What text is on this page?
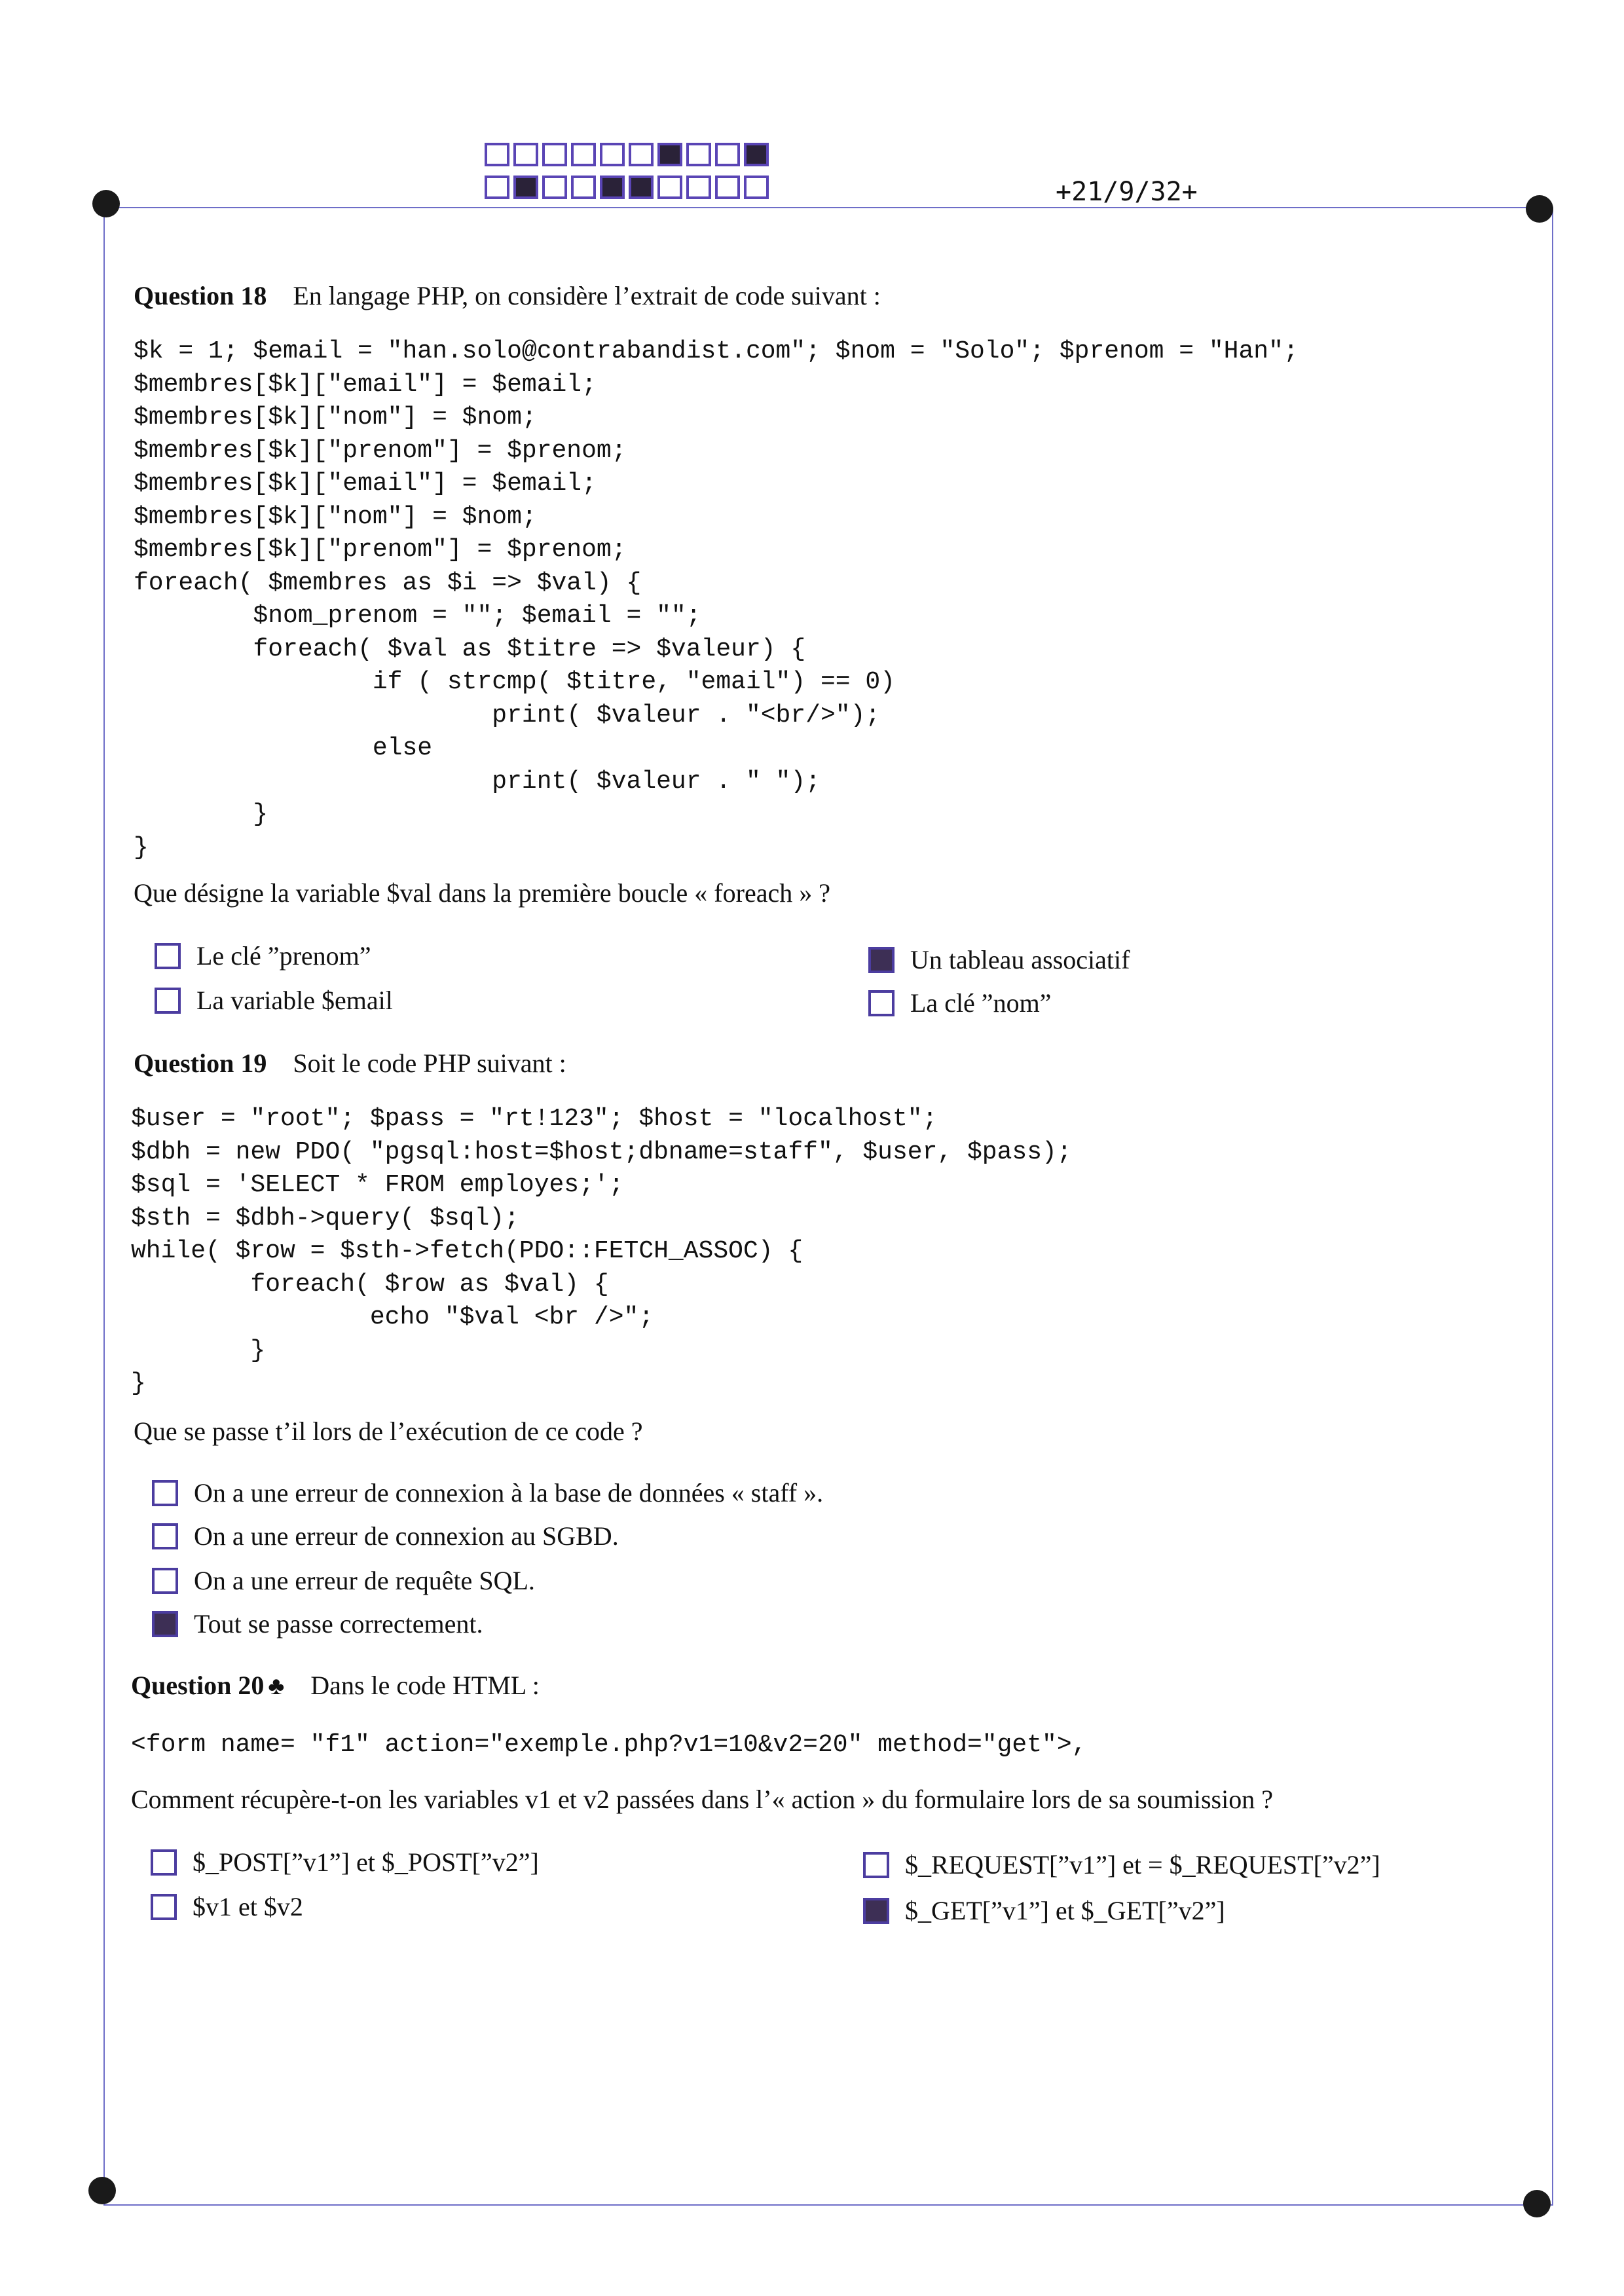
+21/9/32+
Question 18 En langage PHP, on considère l’extrait de code suivant :
$k = 1; $email = "han.solo@contrabandist.com"; $nom = "Solo"; $prenom = "Han";
$membres[$k]["email"] = $email;
$membres[$k]["nom"] = $nom;
$membres[$k]["prenom"] = $prenom;
$membres[$k]["email"] = $email;
$membres[$k]["nom"] = $nom;
$membres[$k]["prenom"] = $prenom;
foreach( $membres as $i => $val) {
$nom_prenom = ""; $email = "";
foreach( $val as $titre => $valeur) {
if ( strcmp( $titre, "email") == 0)
print( $valeur . "<br/>");
else
print( $valeur . " ");
}
}
Que désigne la variable $val dans la première boucle « foreach » ?
Le clé ”prenom”
La variable $email
Un tableau associatif
La clé ”nom”
Question 19 Soit le code PHP suivant :
$user = "root"; $pass = "rt!123"; $host = "localhost";
$dbh = new PDO( "pgsql:host=$host;dbname=staff", $user, $pass);
$sql = 'SELECT * FROM employes;';
$sth = $dbh->query( $sql);
while( $row = $sth->fetch(PDO::FETCH_ASSOC) {
foreach( $row as $val) {
echo "$val <br />";
}
}
Que se passe t’il lors de l’exécution de ce code ?
On a une erreur de connexion à la base de données « staff ».
On a une erreur de connexion au SGBD.
On a une erreur de requête SQL.
Tout se passe correctement.
Question 20 ♣ Dans le code HTML :
<form name= "f1" action="exemple.php?v1=10&v2=20" method="get">,
Comment récupère-t-on les variables v1 et v2 passées dans l’« action » du formulaire lors de sa soumission ?
$_POST[”v1”] et $_POST[”v2”]
$v1 et $v2
$_REQUEST[”v1”] et = $_REQUEST[”v2”]
$_GET[”v1”] et $_GET[”v2”]
